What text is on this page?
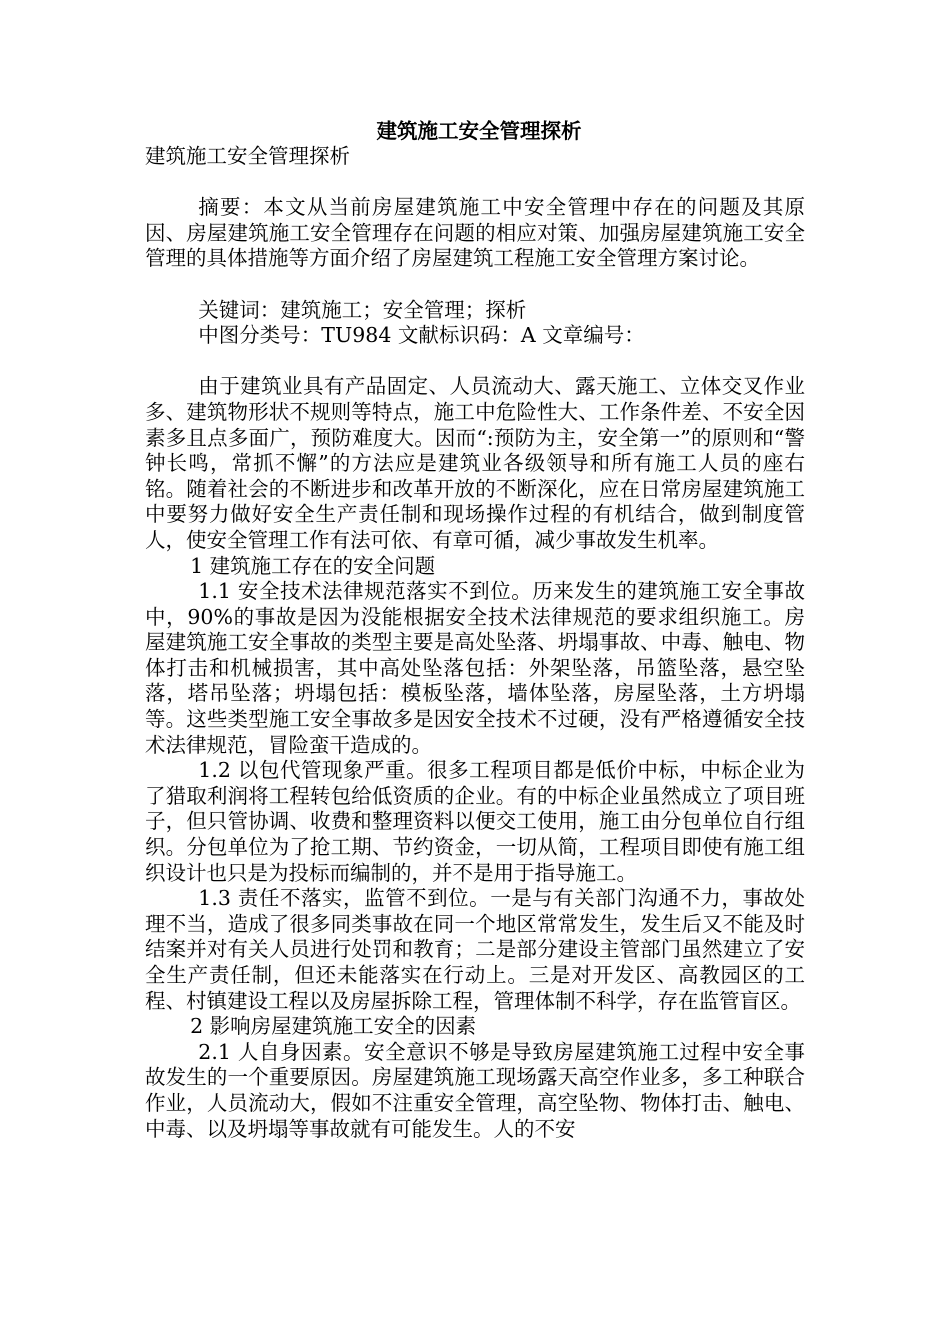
建筑施工安全管理探析

建筑施工安全管理探析

摘要：本文从当前房屋建筑施工中安全管理中存在的问题及其原因、房屋建筑施工安全管理存在问题的相应对策、加强房屋建筑施工安全管理的具体措施等方面介绍了房屋建筑工程施工安全管理方案讨论。

关键词：建筑施工；安全管理；探析

中图分类号：TU984 文献标识码：A 文章编号：

由于建筑业具有产品固定、人员流动大、露天施工、立体交叉作业多、建筑物形状不规则等特点，施工中危险性大、工作条件差、不安全因素多且点多面广，预防难度大。因而“:预防为主，安全第一”的原则和“警钟长鸣，常抓不懈”的方法应是建筑业各级领导和所有施工人员的座右铭。随着社会的不断进步和改革开放的不断深化，应在日常房屋建筑施工中要努力做好安全生产责任制和现场操作过程的有机结合，做到制度管人，使安全管理工作有法可依、有章可循，减少事故发生机率。

1 建筑施工存在的安全问题

1.1 安全技术法律规范落实不到位。历来发生的建筑施工安全事故中，90%的事故是因为没能根据安全技术法律规范的要求组织施工。房屋建筑施工安全事故的类型主要是高处坠落、坍塌事故、中毒、触电、物体打击和机械损害，其中高处坠落包括：外架坠落，吊篮坠落，悬空坠落，塔吊坠落；坍塌包括：模板坠落，墙体坠落，房屋坠落，土方坍塌等。这些类型施工安全事故多是因安全技术不过硬，没有严格遵循安全技术法律规范，冒险蛮干造成的。

1.2 以包代管现象严重。很多工程项目都是低价中标，中标企业为了猎取利润将工程转包给低资质的企业。有的中标企业虽然成立了项目班子，但只管协调、收费和整理资料以便交工使用，施工由分包单位自行组织。分包单位为了抢工期、节约资金，一切从简，工程项目即使有施工组织设计也只是为投标而编制的，并不是用于指导施工。

1.3 责任不落实，监管不到位。一是与有关部门沟通不力，事故处理不当，造成了很多同类事故在同一个地区常常发生，发生后又不能及时结案并对有关人员进行处罚和教育；二是部分建设主管部门虽然建立了安全生产责任制，但还未能落实在行动上。三是对开发区、高教园区的工程、村镇建设工程以及房屋拆除工程，管理体制不科学，存在监管盲区。

2 影响房屋建筑施工安全的因素

2.1 人自身因素。安全意识不够是导致房屋建筑施工过程中安全事故发生的一个重要原因。房屋建筑施工现场露天高空作业多，多工种联合作业，人员流动大，假如不注重安全管理，高空坠物、物体打击、触电、中毒、以及坍塌等事故就有可能发生。人的不安
